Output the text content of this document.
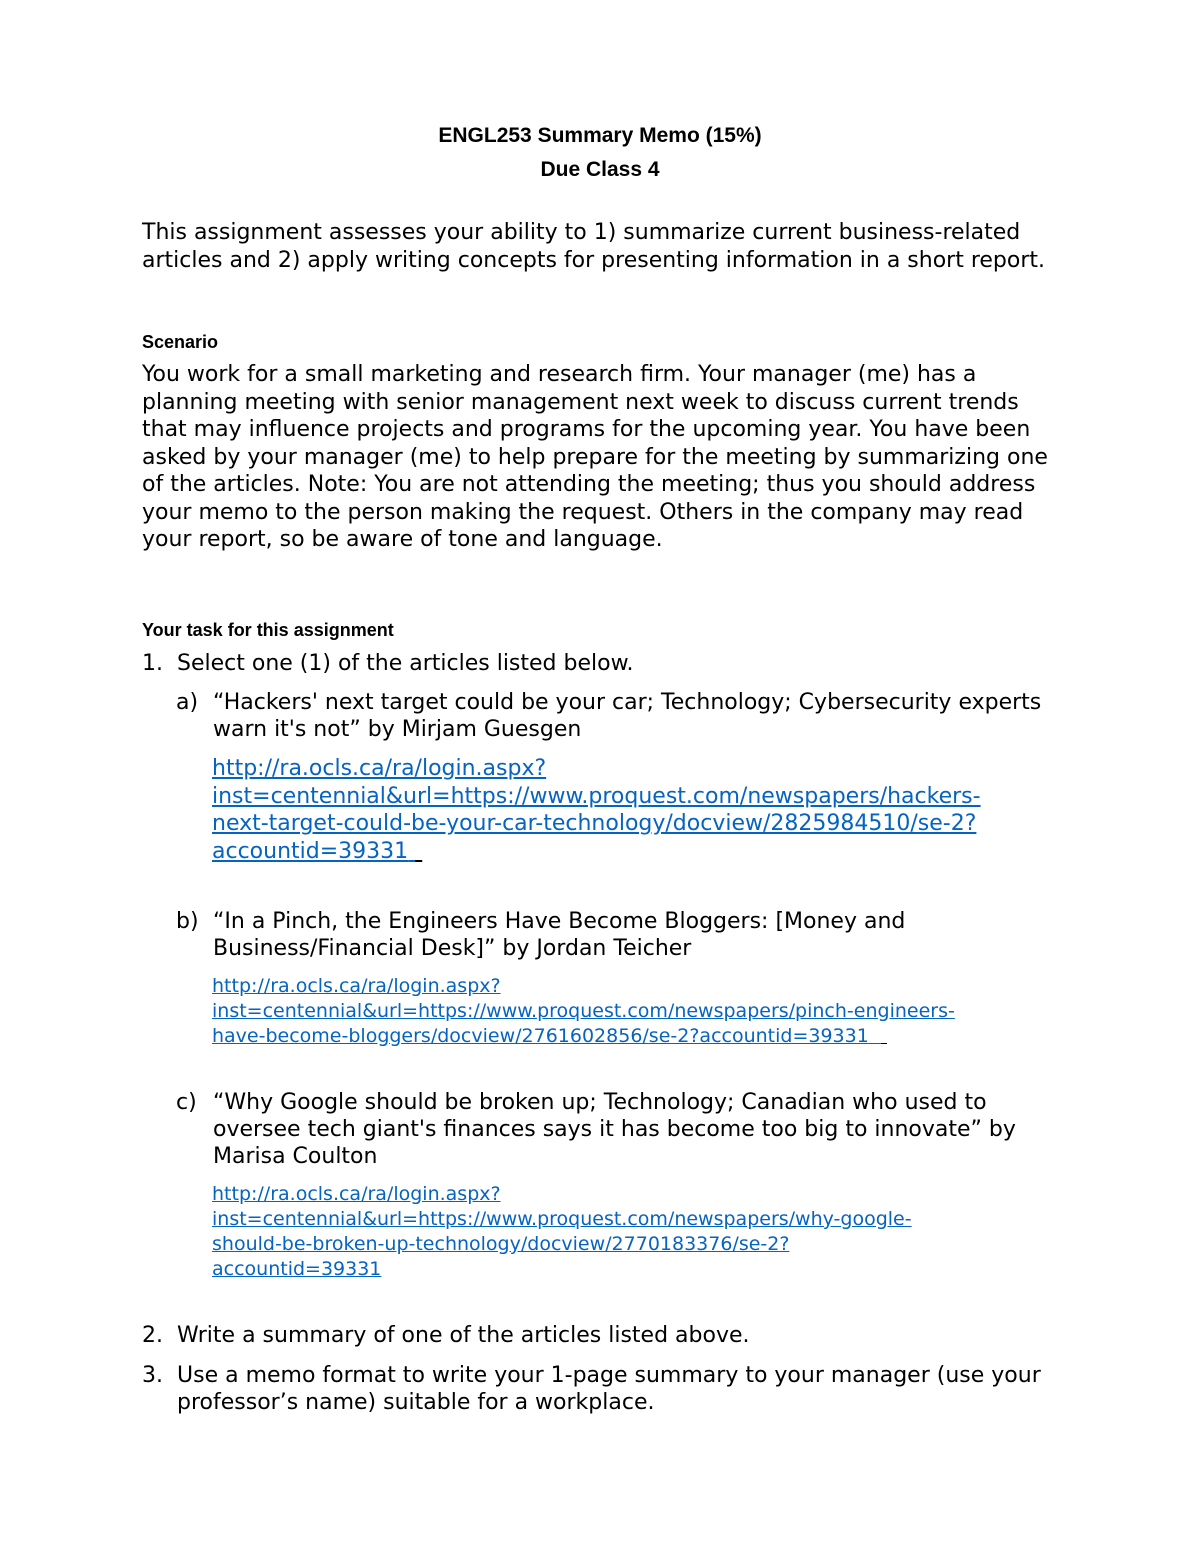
ENGL253 Summary Memo (15%)
Due Class 4
This assignment assesses your ability to 1) summarize current business-related articles and 2) apply writing concepts for presenting information in a short report.
Scenario
You work for a small marketing and research firm. Your manager (me) has a planning meeting with senior management next week to discuss current trends that may influence projects and programs for the upcoming year. You have been asked by your manager (me) to help prepare for the meeting by summarizing one of the articles. Note: You are not attending the meeting; thus you should address your memo to the person making the request. Others in the company may read your report, so be aware of tone and language.
Your task for this assignment
1. Select one (1) of the articles listed below.
a) “Hackers' next target could be your car; Technology; Cybersecurity experts warn it's not” by Mirjam Guesgen
http://ra.ocls.ca/ra/login.aspx?
inst=centennial&url=https://www.proquest.com/newspapers/hackers-
next-target-could-be-your-car-technology/docview/2825984510/se-2?
accountid=39331
b) “In a Pinch, the Engineers Have Become Bloggers: [Money and Business/Financial Desk]” by Jordan Teicher
http://ra.ocls.ca/ra/login.aspx?
inst=centennial&url=https://www.proquest.com/newspapers/pinch-engineers-
have-become-bloggers/docview/2761602856/se-2?accountid=39331
c) “Why Google should be broken up; Technology; Canadian who used to oversee tech giant's finances says it has become too big to innovate” by Marisa Coulton
http://ra.ocls.ca/ra/login.aspx?
inst=centennial&url=https://www.proquest.com/newspapers/why-google-
should-be-broken-up-technology/docview/2770183376/se-2?
accountid=39331
2. Write a summary of one of the articles listed above.
3. Use a memo format to write your 1-page summary to your manager (use your professor’s name) suitable for a workplace.
